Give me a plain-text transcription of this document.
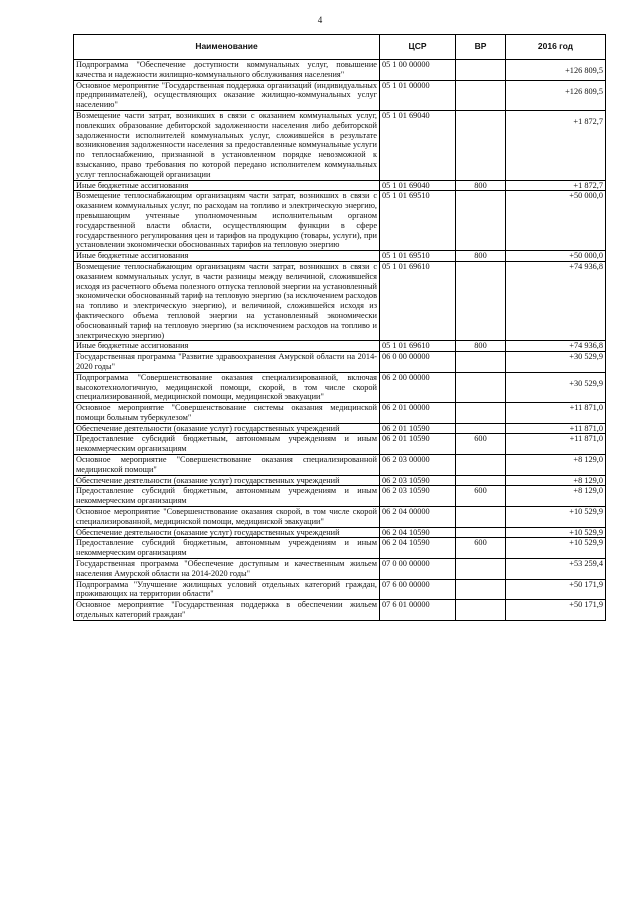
4
Наименование	ЦСР	ВР	2016 год
Подпрограмма "Обеспечение доступности коммунальных услуг, повышение качества и надежности жилищно-коммунального обслуживания населения"	05 1 00 00000		+126 809,5
Основное мероприятие "Государственная поддержка организаций (индивидуальных предпринимателей), осуществляющих оказание жилищно-коммунальных услуг населению"	05 1 01 00000		+126 809,5
Возмещение части затрат, возникших в связи с оказанием коммунальных услуг, повлекших образование дебиторской задолженности населения либо дебиторской задолженности исполнителей коммунальных услуг, сложившейся в результате возникновения задолженности населения за предоставленные коммунальные услуги по теплоснабжению, признанной в установленном порядке невозможной к взысканию, право требования по которой передано исполнителем коммунальных услуг теплоснабжающей организации	05 1 01 69040		+1 872,7
Иные бюджетные ассигнования	05 1 01 69040	800	+1 872,7
Возмещение теплоснабжающим организациям части затрат, возникших в связи с оказанием коммунальных услуг, по расходам на топливо и электрическую энергию, превышающим учтенные уполномоченным исполнительным органом государственной власти области, осуществляющим функции в сфере государственного регулирования цен и тарифов на продукцию (товары, услуги), при установлении экономически обоснованных тарифов на тепловую энергию	05 1 01 69510		+50 000,0
Иные бюджетные ассигнования	05 1 01 69510	800	+50 000,0
Возмещение теплоснабжающим организациям части затрат, возникших в связи с оказанием коммунальных услуг, в части разницы между величиной, сложившейся исходя из расчетного объема полезного отпуска тепловой энергии на установленный экономически обоснованный тариф на тепловую энергию (за исключением расходов на топливо и электрическую энергию), и величиной, сложившейся исходя из фактического объема тепловой энергии на установленный экономически обоснованный тариф на тепловую энергию (за исключением расходов на топливо и электрическую энергию)	05 1 01 69610		+74 936,8
Иные бюджетные ассигнования	05 1 01 69610	800	+74 936,8
Государственная программа "Развитие здравоохранения Амурской области на 2014-2020 годы"	06 0 00 00000		+30 529,9
Подпрограмма "Совершенствование оказания специализированной, включая высокотехнологичную, медицинской помощи, скорой, в том числе скорой специализированной, медицинской помощи, медицинской эвакуации"	06 2 00 00000		+30 529,9
Основное мероприятие "Совершенствование системы оказания медицинской помощи больным туберкулезом"	06 2 01 00000		+11 871,0
Обеспечение деятельности (оказание услуг) государственных учреждений	06 2 01 10590		+11 871,0
Предоставление субсидий бюджетным, автономным учреждениям и иным некоммерческим организациям	06 2 01 10590	600	+11 871,0
Основное мероприятие "Совершенствование оказания специализированной медицинской помощи"	06 2 03 00000		+8 129,0
Обеспечение деятельности (оказание услуг) государственных учреждений	06 2 03 10590		+8 129,0
Предоставление субсидий бюджетным, автономным учреждениям и иным некоммерческим организациям	06 2 03 10590	600	+8 129,0
Основное мероприятие "Совершенствование оказания скорой, в том числе скорой специализированной, медицинской помощи, медицинской эвакуации"	06 2 04 00000		+10 529,9
Обеспечение деятельности (оказание услуг) государственных учреждений	06 2 04 10590		+10 529,9
Предоставление субсидий бюджетным, автономным учреждениям и иным некоммерческим организациям	06 2 04 10590	600	+10 529,9
Государственная программа "Обеспечение доступным и качественным жильем населения Амурской области на 2014-2020 годы"	07 0 00 00000		+53 259,4
Подпрограмма "Улучшение жилищных условий отдельных категорий граждан, проживающих на территории области"	07 6 00 00000		+50 171,9
Основное мероприятие "Государственная поддержка в обеспечении жильем отдельных категорий граждан"	07 6 01 00000		+50 171,9
